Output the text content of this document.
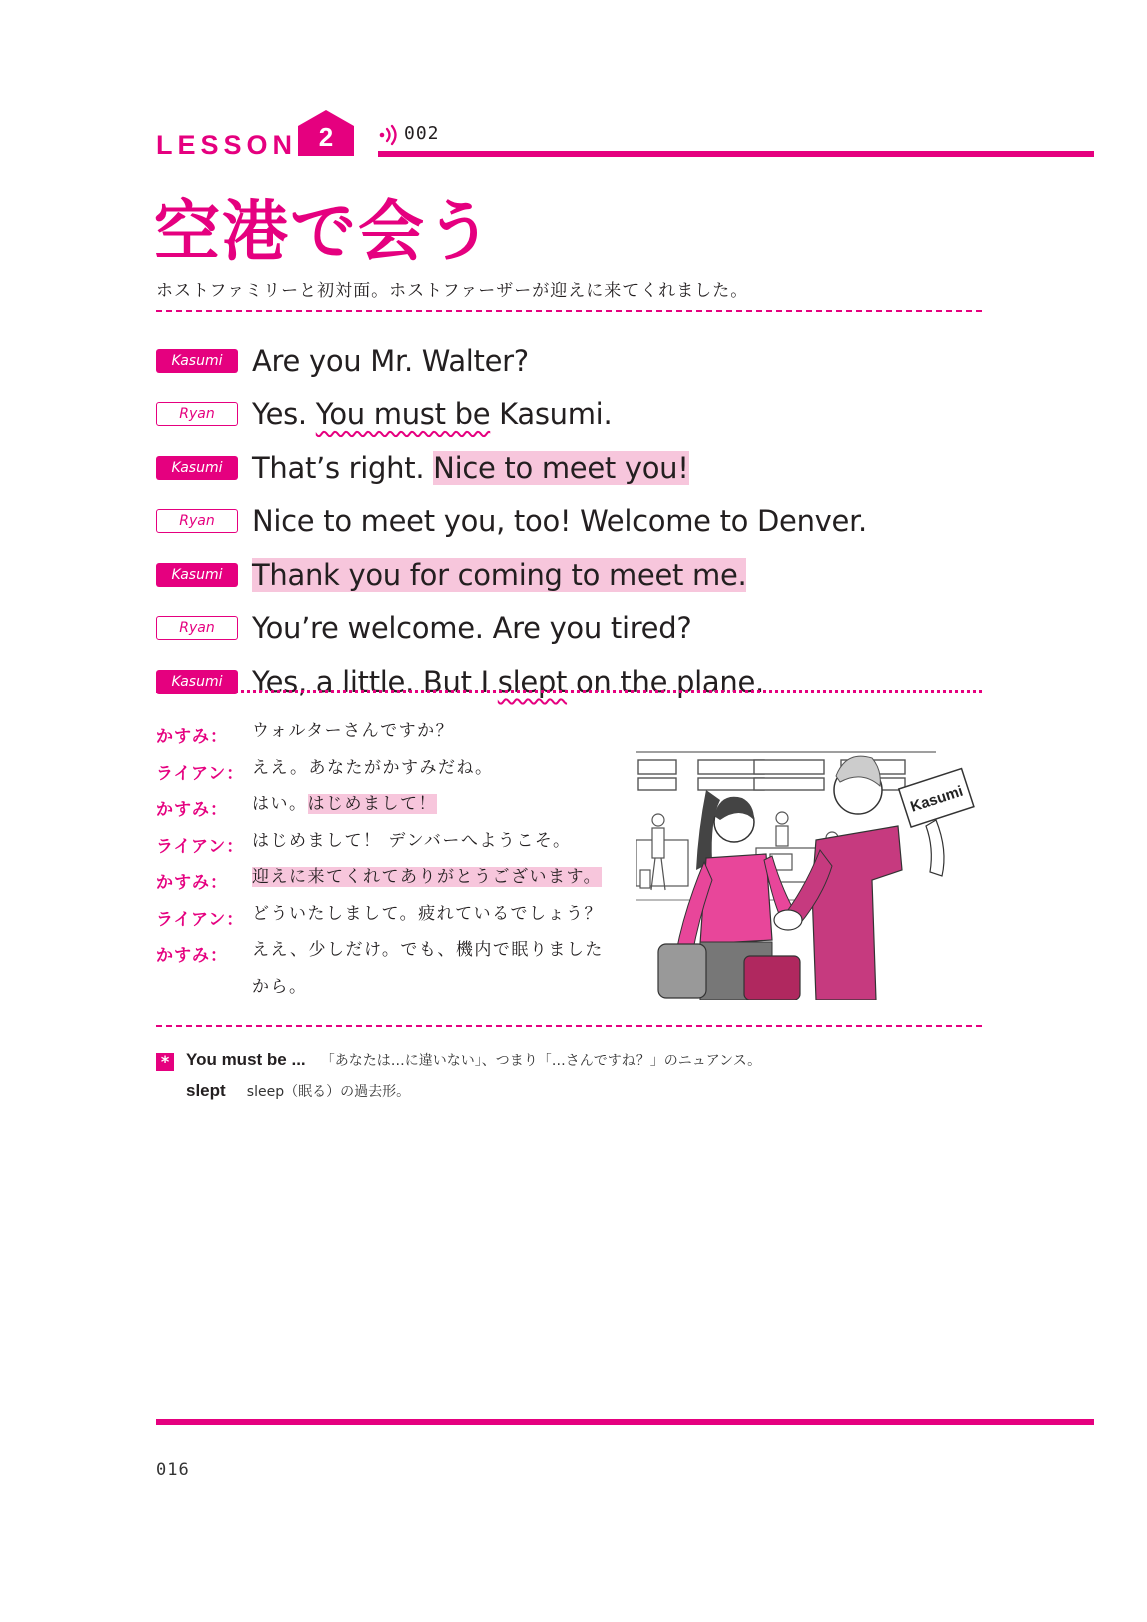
LESSON 2	002
空港で会う
ホストファミリーと初対面。ホストファーザーが迎えに来てくれました。
Kasumi	Are you Mr. Walter?
Ryan	Yes. You must be Kasumi.
Kasumi	That’s right. Nice to meet you!
Ryan	Nice to meet you, too! Welcome to Denver.
Kasumi	Thank you for coming to meet me.
Ryan	You’re welcome. Are you tired?
Kasumi	Yes, a little. But I slept on the plane.
かすみ：	ウォルターさんですか？
ライアン： ええ。あなたがかすみだね。
かすみ：	はい。はじめまして！
ライアン： はじめまして！ デンバーへようこそ。
かすみ：	迎えに来てくれてありがとうございます。
ライアン： どういたしまして。疲れているでしょう？
かすみ：	ええ、少しだけ。でも、機内で眠りましたから。
Kasumi
* You must be ... 「あなたは…に違いない」、つまり「…さんですね？」のニュアンス。
slept sleep（眠る）の過去形。
016
